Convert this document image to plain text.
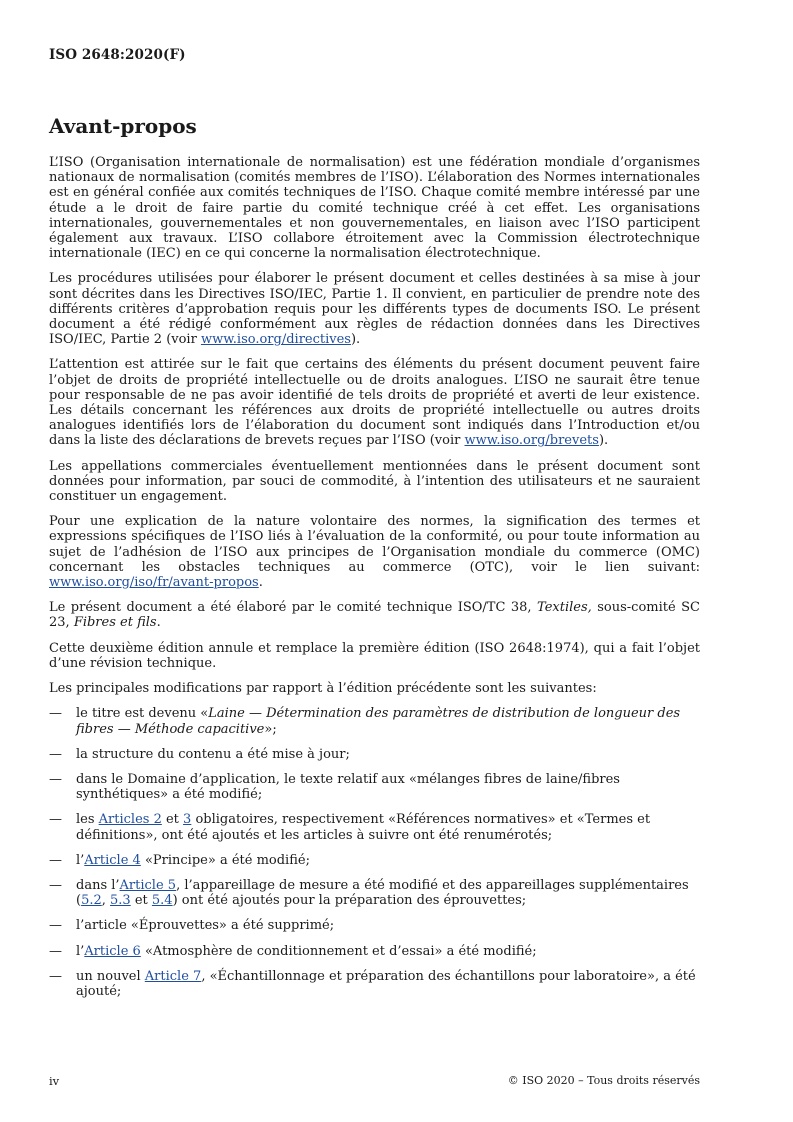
ISO 2648:2020(F)
Avant-propos

L’ISO (Organisation internationale de normalisation) est une fédération mondiale d’organismes nationaux de normalisation (comités membres de l’ISO). L’élaboration des Normes internationales est en général confiée aux comités techniques de l’ISO. Chaque comité membre intéressé par une étude a le droit de faire partie du comité technique créé à cet effet. Les organisations internationales, gouvernementales et non gouvernementales, en liaison avec l’ISO participent également aux travaux. L’ISO collabore étroitement avec la Commission électrotechnique internationale (IEC) en ce qui concerne la normalisation électrotechnique.

Les procédures utilisées pour élaborer le présent document et celles destinées à sa mise à jour sont décrites dans les Directives ISO/IEC, Partie 1. Il convient, en particulier de prendre note des différents critères d’approbation requis pour les différents types de documents ISO. Le présent document a été rédigé conformément aux règles de rédaction données dans les Directives ISO/IEC, Partie 2 (voir www.iso.org/directives).

L’attention est attirée sur le fait que certains des éléments du présent document peuvent faire l’objet de droits de propriété intellectuelle ou de droits analogues. L’ISO ne saurait être tenue pour responsable de ne pas avoir identifié de tels droits de propriété et averti de leur existence. Les détails concernant les références aux droits de propriété intellectuelle ou autres droits analogues identifiés lors de l’élaboration du document sont indiqués dans l’Introduction et/ou dans la liste des déclarations de brevets reçues par l’ISO (voir www.iso.org/brevets).

Les appellations commerciales éventuellement mentionnées dans le présent document sont données pour information, par souci de commodité, à l’intention des utilisateurs et ne sauraient constituer un engagement.

Pour une explication de la nature volontaire des normes, la signification des termes et expressions spécifiques de l’ISO liés à l’évaluation de la conformité, ou pour toute information au sujet de l’adhésion de l’ISO aux principes de l’Organisation mondiale du commerce (OMC) concernant les obstacles techniques au commerce (OTC), voir le lien suivant: www.iso.org/iso/fr/avant-propos.

Le présent document a été élaboré par le comité technique ISO/TC 38, Textiles, sous-comité SC 23, Fibres et fils.

Cette deuxième édition annule et remplace la première édition (ISO 2648:1974), qui a fait l’objet d’une révision technique.

Les principales modifications par rapport à l’édition précédente sont les suivantes:

—	le titre est devenu «Laine — Détermination des paramètres de distribution de longueur des fibres — Méthode capacitive»;
—	la structure du contenu a été mise à jour;
—	dans le Domaine d’application, le texte relatif aux «mélanges fibres de laine/fibres synthétiques» a été modifié;
—	les Articles 2 et 3 obligatoires, respectivement «Références normatives» et «Termes et définitions», ont été ajoutés et les articles à suivre ont été renumérotés;
—	l’Article 4 «Principe» a été modifié;
—	dans l’Article 5, l’appareillage de mesure a été modifié et des appareillages supplémentaires (5.2, 5.3 et 5.4) ont été ajoutés pour la préparation des éprouvettes;
—	l’article «Éprouvettes» a été supprimé;
—	l’Article 6 «Atmosphère de conditionnement et d’essai» a été modifié;
—	un nouvel Article 7, «Échantillonnage et préparation des échantillons pour laboratoire», a été ajouté;
iv	© ISO 2020 – Tous droits réservés
